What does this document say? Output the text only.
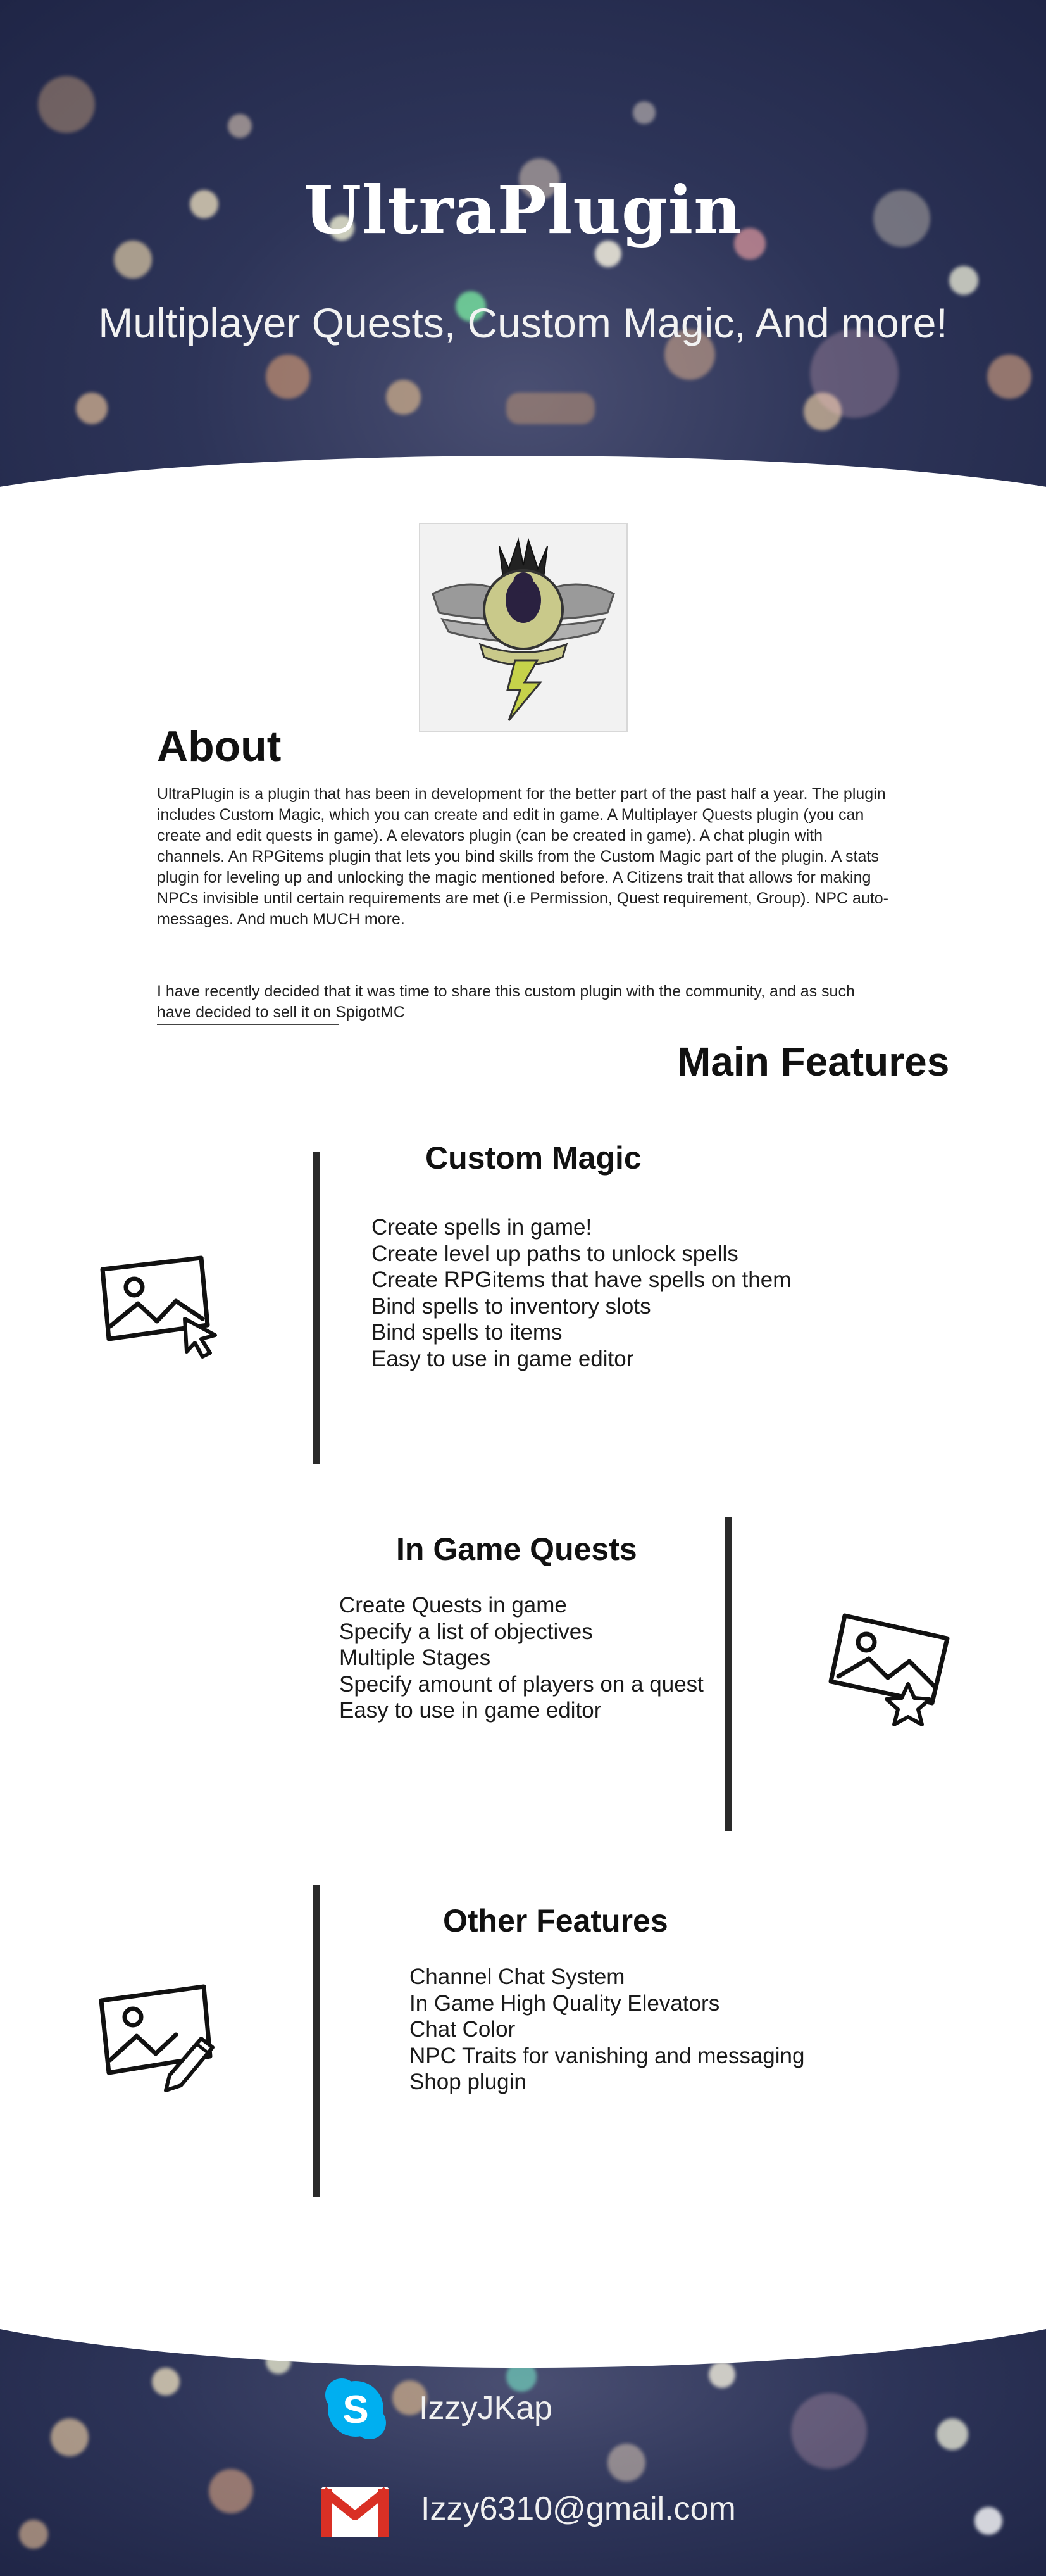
UltraPlugin
Multiplayer Quests, Custom Magic, And more!
About

UltraPlugin is a plugin that has been in development for the better part of the past half a year. The plugin includes Custom Magic, which you can create and edit in game. A Multiplayer Quests plugin (you can create and edit quests in game). A elevators plugin (can be created in game). A chat plugin with channels. An RPGitems plugin that lets you bind skills from the Custom Magic part of the plugin. A stats plugin for leveling up and unlocking the magic mentioned before. A Citizens trait that allows for making NPCs invisible until certain requirements are met (i.e Permission, Quest requirement, Group). NPC auto-messages. And much MUCH more.

I have recently decided that it was time to share this custom plugin with the community, and as such have decided to sell it on SpigotMC

Main Features
Custom Magic
Create spells in game!
Create level up paths to unlock spells
Create RPGitems that have spells on them
Bind spells to inventory slots
Bind spells to items
Easy to use in game editor
In Game Quests
Create Quests in game
Specify a list of objectives
Multiple Stages
Specify amount of players on a quest
Easy to use in game editor
Other Features
Channel Chat System
In Game High Quality Elevators
Chat Color
NPC Traits for vanishing and messaging
Shop plugin
S IzzyJKap
Izzy6310@gmail.com
